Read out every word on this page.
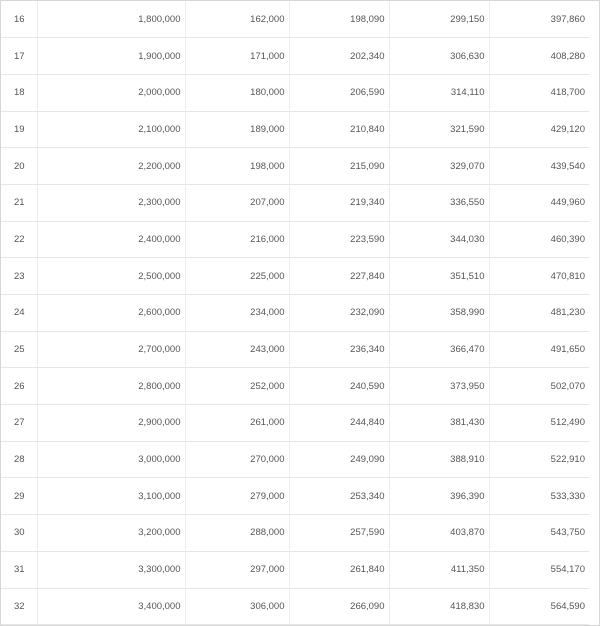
16	1,800,000	162,000	198,090	299,150	397,860
17	1,900,000	171,000	202,340	306,630	408,280
18	2,000,000	180,000	206,590	314,110	418,700
19	2,100,000	189,000	210,840	321,590	429,120
20	2,200,000	198,000	215,090	329,070	439,540
21	2,300,000	207,000	219,340	336,550	449,960
22	2,400,000	216,000	223,590	344,030	460,390
23	2,500,000	225,000	227,840	351,510	470,810
24	2,600,000	234,000	232,090	358,990	481,230
25	2,700,000	243,000	236,340	366,470	491,650
26	2,800,000	252,000	240,590	373,950	502,070
27	2,900,000	261,000	244,840	381,430	512,490
28	3,000,000	270,000	249,090	388,910	522,910
29	3,100,000	279,000	253,340	396,390	533,330
30	3,200,000	288,000	257,590	403,870	543,750
31	3,300,000	297,000	261,840	411,350	554,170
32	3,400,000	306,000	266,090	418,830	564,590
